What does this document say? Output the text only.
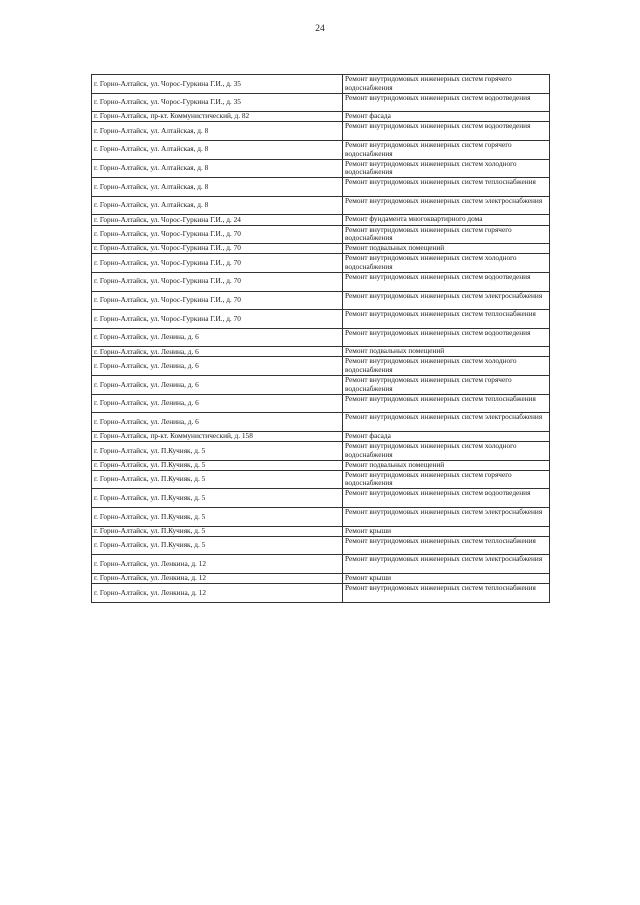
24
г. Горно-Алтайск, ул. Чорос-Гуркина Г.И., д. 35	Ремонт внутридомовых инженерных систем горячего водоснабжения
г. Горно-Алтайск, ул. Чорос-Гуркина Г.И., д. 35	Ремонт внутридомовых инженерных систем водоотведения
г. Горно-Алтайск, пр-кт. Коммунистический, д. 82	Ремонт фасада
г. Горно-Алтайск, ул. Алтайская, д. 8	Ремонт внутридомовых инженерных систем водоотведения
г. Горно-Алтайск, ул. Алтайская, д. 8	Ремонт внутридомовых инженерных систем горячего водоснабжения
г. Горно-Алтайск, ул. Алтайская, д. 8	Ремонт внутридомовых инженерных систем холодного водоснабжения
г. Горно-Алтайск, ул. Алтайская, д. 8	Ремонт внутридомовых инженерных систем теплоснабжения
г. Горно-Алтайск, ул. Алтайская, д. 8	Ремонт внутридомовых инженерных систем электроснабжения
г. Горно-Алтайск, ул. Чорос-Гуркина Г.И., д. 24	Ремонт фундамента многоквартирного дома
г. Горно-Алтайск, ул. Чорос-Гуркина Г.И., д. 70	Ремонт внутридомовых инженерных систем горячего водоснабжения
г. Горно-Алтайск, ул. Чорос-Гуркина Г.И., д. 70	Ремонт подвальных помещений
г. Горно-Алтайск, ул. Чорос-Гуркина Г.И., д. 70	Ремонт внутридомовых инженерных систем холодного водоснабжения
г. Горно-Алтайск, ул. Чорос-Гуркина Г.И., д. 70	Ремонт внутридомовых инженерных систем водоотведения
г. Горно-Алтайск, ул. Чорос-Гуркина Г.И., д. 70	Ремонт внутридомовых инженерных систем электроснабжения
г. Горно-Алтайск, ул. Чорос-Гуркина Г.И., д. 70	Ремонт внутридомовых инженерных систем теплоснабжения
г. Горно-Алтайск, ул. Ленина, д. 6	Ремонт внутридомовых инженерных систем водоотведения
г. Горно-Алтайск, ул. Ленина, д. 6	Ремонт подвальных помещений
г. Горно-Алтайск, ул. Ленина, д. 6	Ремонт внутридомовых инженерных систем холодного водоснабжения
г. Горно-Алтайск, ул. Ленина, д. 6	Ремонт внутридомовых инженерных систем горячего водоснабжения
г. Горно-Алтайск, ул. Ленина, д. 6	Ремонт внутридомовых инженерных систем теплоснабжения
г. Горно-Алтайск, ул. Ленина, д. 6	Ремонт внутридомовых инженерных систем электроснабжения
г. Горно-Алтайск, пр-кт. Коммунистический, д. 158	Ремонт фасада
г. Горно-Алтайск, ул. П.Кучияк, д. 5	Ремонт внутридомовых инженерных систем холодного водоснабжения
г. Горно-Алтайск, ул. П.Кучияк, д. 5	Ремонт подвальных помещений
г. Горно-Алтайск, ул. П.Кучияк, д. 5	Ремонт внутридомовых инженерных систем горячего водоснабжения
г. Горно-Алтайск, ул. П.Кучияк, д. 5	Ремонт внутридомовых инженерных систем водоотведения
г. Горно-Алтайск, ул. П.Кучияк, д. 5	Ремонт внутридомовых инженерных систем электроснабжения
г. Горно-Алтайск, ул. П.Кучияк, д. 5	Ремонт крыши
г. Горно-Алтайск, ул. П.Кучияк, д. 5	Ремонт внутридомовых инженерных систем теплоснабжения
г. Горно-Алтайск, ул. Ленкина, д. 12	Ремонт внутридомовых инженерных систем электроснабжения
г. Горно-Алтайск, ул. Ленкина, д. 12	Ремонт крыши
г. Горно-Алтайск, ул. Ленкина, д. 12	Ремонт внутридомовых инженерных систем теплоснабжения
